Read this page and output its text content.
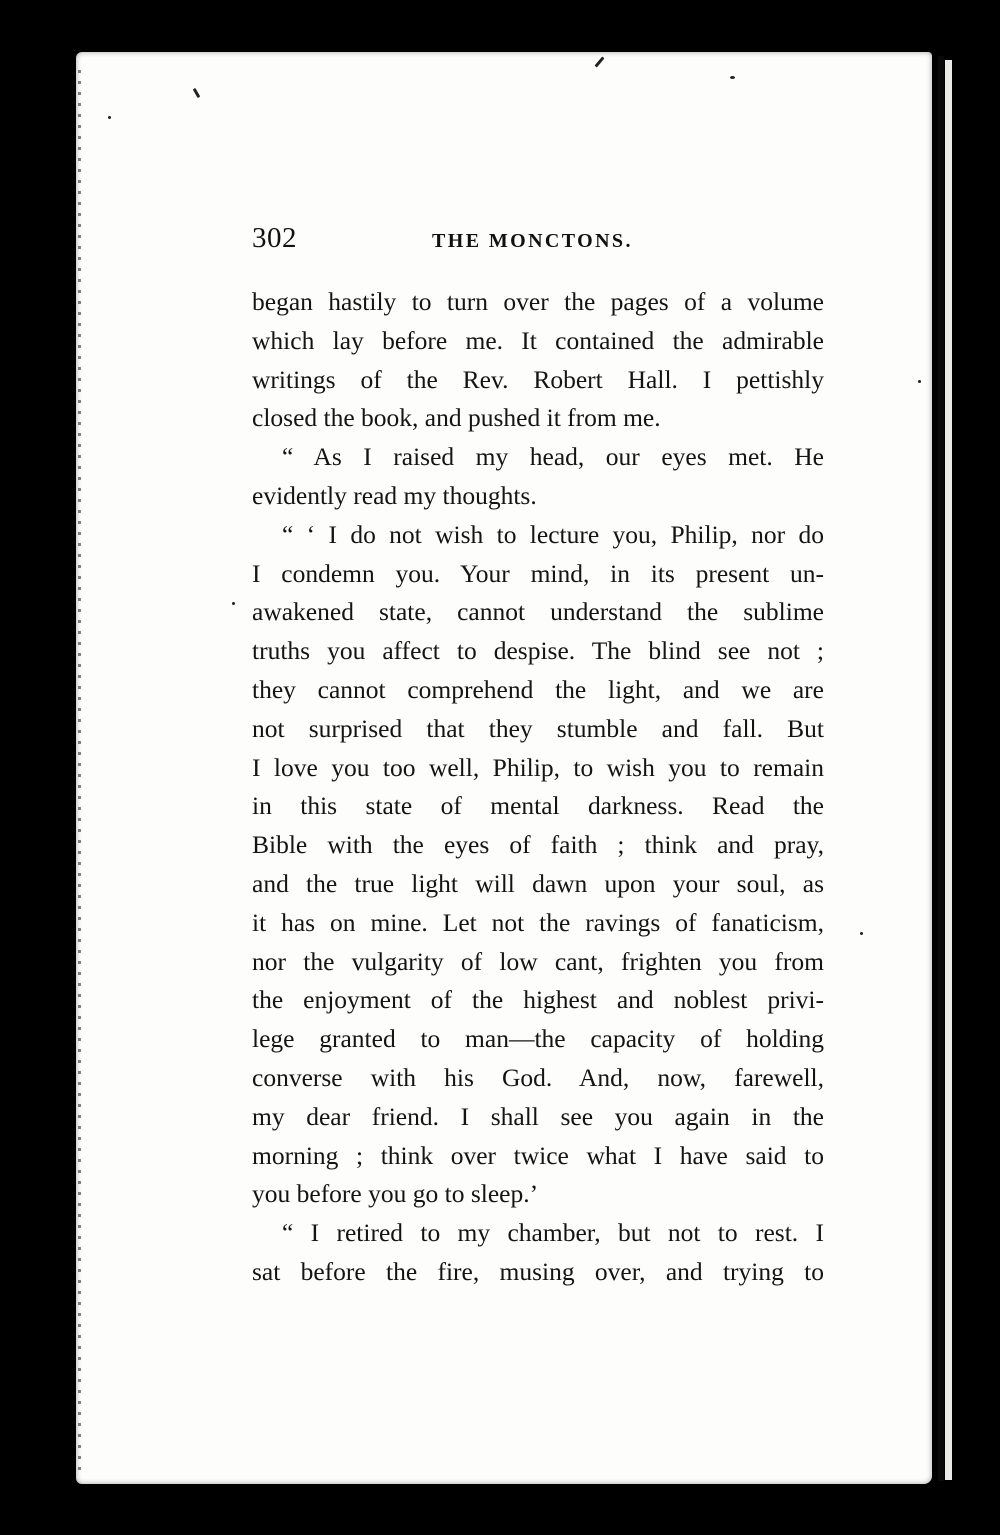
302	THE MONCTONS.
began hastily to turn over the pages of a volume
which lay before me. It contained the admirable
writings of the Rev. Robert Hall. I pettishly
closed the book, and pushed it from me.
“ As I raised my head, our eyes met. He
evidently read my thoughts.
“ ‘ I do not wish to lecture you, Philip, nor do
I condemn you. Your mind, in its present un-
awakened state, cannot understand the sublime
truths you affect to despise. The blind see not ;
they cannot comprehend the light, and we are
not surprised that they stumble and fall. But
I love you too well, Philip, to wish you to remain
in this state of mental darkness. Read the
Bible with the eyes of faith ; think and pray,
and the true light will dawn upon your soul, as
it has on mine. Let not the ravings of fanaticism,
nor the vulgarity of low cant, frighten you from
the enjoyment of the highest and noblest privi-
lege granted to man—the capacity of holding
converse with his God. And, now, farewell,
my dear friend. I shall see you again in the
morning ; think over twice what I have said to
you before you go to sleep.’
“ I retired to my chamber, but not to rest. I
sat before the fire, musing over, and trying to
